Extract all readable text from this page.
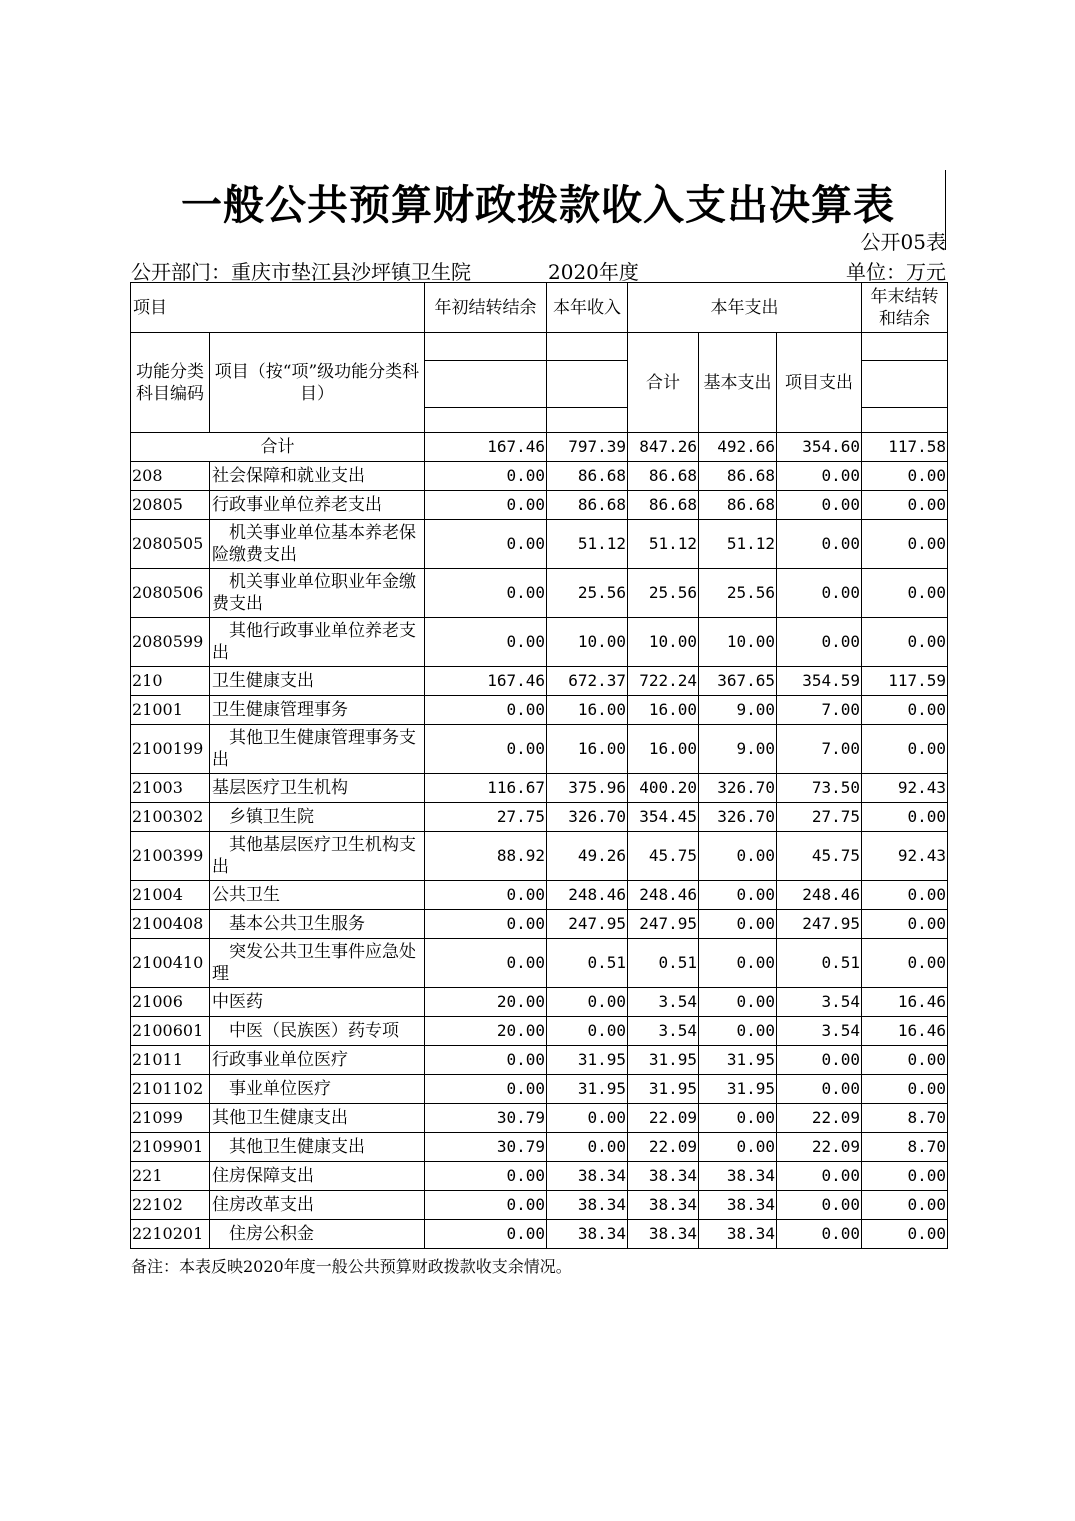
一般公共预算财政拨款收入支出决算表
公开05表
公开部门：重庆市垫江县沙坪镇卫生院	2020年度	单位：万元
项目		年初结转结余	本年收入	本年支出			年末结转和结余
功能分类科目编码	项目（按“项”级功能分类科目）			合计	基本支出	项目支出	

合计		167.46	797.39	847.26	492.66	354.60	117.58
208	社会保障和就业支出	0.00	86.68	86.68	86.68	0.00	0.00
20805	行政事业单位养老支出	0.00	86.68	86.68	86.68	0.00	0.00
2080505	机关事业单位基本养老保险缴费支出	0.00	51.12	51.12	51.12	0.00	0.00
2080506	机关事业单位职业年金缴费支出	0.00	25.56	25.56	25.56	0.00	0.00
2080599	其他行政事业单位养老支出	0.00	10.00	10.00	10.00	0.00	0.00
210	卫生健康支出	167.46	672.37	722.24	367.65	354.59	117.59
21001	卫生健康管理事务	0.00	16.00	16.00	9.00	7.00	0.00
2100199	其他卫生健康管理事务支出	0.00	16.00	16.00	9.00	7.00	0.00
21003	基层医疗卫生机构	116.67	375.96	400.20	326.70	73.50	92.43
2100302	乡镇卫生院	27.75	326.70	354.45	326.70	27.75	0.00
2100399	其他基层医疗卫生机构支出	88.92	49.26	45.75	0.00	45.75	92.43
21004	公共卫生	0.00	248.46	248.46	0.00	248.46	0.00
2100408	基本公共卫生服务	0.00	247.95	247.95	0.00	247.95	0.00
2100410	突发公共卫生事件应急处理	0.00	0.51	0.51	0.00	0.51	0.00
21006	中医药	20.00	0.00	3.54	0.00	3.54	16.46
2100601	中医（民族医）药专项	20.00	0.00	3.54	0.00	3.54	16.46
21011	行政事业单位医疗	0.00	31.95	31.95	31.95	0.00	0.00
2101102	事业单位医疗	0.00	31.95	31.95	31.95	0.00	0.00
21099	其他卫生健康支出	30.79	0.00	22.09	0.00	22.09	8.70
2109901	其他卫生健康支出	30.79	0.00	22.09	0.00	22.09	8.70
221	住房保障支出	0.00	38.34	38.34	38.34	0.00	0.00
22102	住房改革支出	0.00	38.34	38.34	38.34	0.00	0.00
2210201	住房公积金	0.00	38.34	38.34	38.34	0.00	0.00
备注：本表反映2020年度一般公共预算财政拨款收支余情况。
